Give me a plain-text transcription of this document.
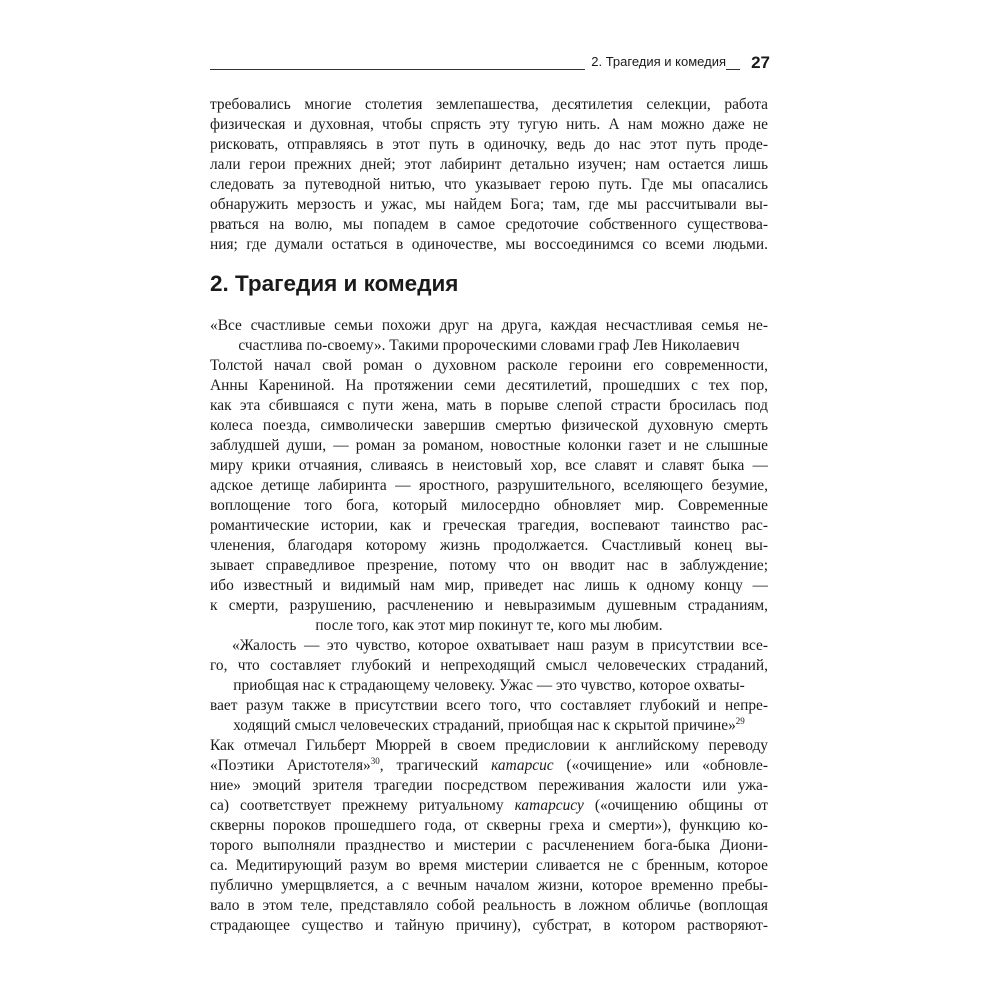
2. Трагедия и комедия 27

требовались многие столетия землепашества, десятилетия селекции, работа
физическая и духовная, чтобы спрясть эту тугую нить. А нам можно даже не
рисковать, отправляясь в этот путь в одиночку, ведь до нас этот путь проде-
лали герои прежних дней; этот лабиринт детально изучен; нам остается лишь
следовать за путеводной нитью, что указывает герою путь. Где мы опасались
обнаружить мерзость и ужас, мы найдем Бога; там, где мы рассчитывали вы-
рваться на волю, мы попадем в самое средоточие собственного существова-
ния; где думали остаться в одиночестве, мы воссоединимся со всеми людьми.

2. Трагедия и комедия

«Все счастливые семьи похожи друг на друга, каждая несчастливая семья не-
счастлива по-своему». Такими пророческими словами граф Лев Николаевич
Толстой начал свой роман о духовном расколе героини его современности,
Анны Карениной. На протяжении семи десятилетий, прошедших с тех пор,
как эта сбившаяся с пути жена, мать в порыве слепой страсти бросилась под
колеса поезда, символически завершив смертью физической духовную смерть
заблудшей души, — роман за романом, новостные колонки газет и не слышные
миру крики отчаяния, сливаясь в неистовый хор, все славят и славят быка —
адское детище лабиринта — яростного, разрушительного, вселяющего безумие,
воплощение того бога, который милосердно обновляет мир. Современные
романтические истории, как и греческая трагедия, воспевают таинство рас-
членения, благодаря которому жизнь продолжается. Счастливый конец вы-
зывает справедливое презрение, потому что он вводит нас в заблуждение;
ибо известный и видимый нам мир, приведет нас лишь к одному концу —
к смерти, разрушению, расчленению и невыразимым душевным страданиям,
после того, как этот мир покинут те, кого мы любим.

«Жалость — это чувство, которое охватывает наш разум в присутствии все-
го, что составляет глубокий и непреходящий смысл человеческих страданий,
приобщая нас к страдающему человеку. Ужас — это чувство, которое охваты-
вает разум также в присутствии всего того, что составляет глубокий и непре-
ходящий смысл человеческих страданий, приобщая нас к скрытой причине»$^{29}$
Как отмечал Гильберт Мюррей в своем предисловии к английскому переводу
«Поэтики Аристотеля»$^{30}$, трагический катарсис («очищение» или «обновле-
ние» эмоций зрителя трагедии посредством переживания жалости или ужа-
са) соответствует прежнему ритуальному катарсису («очищению общины от
скверны пороков прошедшего года, от скверны греха и смерти»), функцию ко-
торого выполняли празднество и мистерии с расчленением бога-быка Диони-
са. Медитирующий разум во время мистерии сливается не с бренным, которое
публично умерщвляется, а с вечным началом жизни, которое временно пребы-
вало в этом теле, представляло собой реальность в ложном обличье (воплощая
страдающее существо и тайную причину), субстрат, в котором растворяют-
